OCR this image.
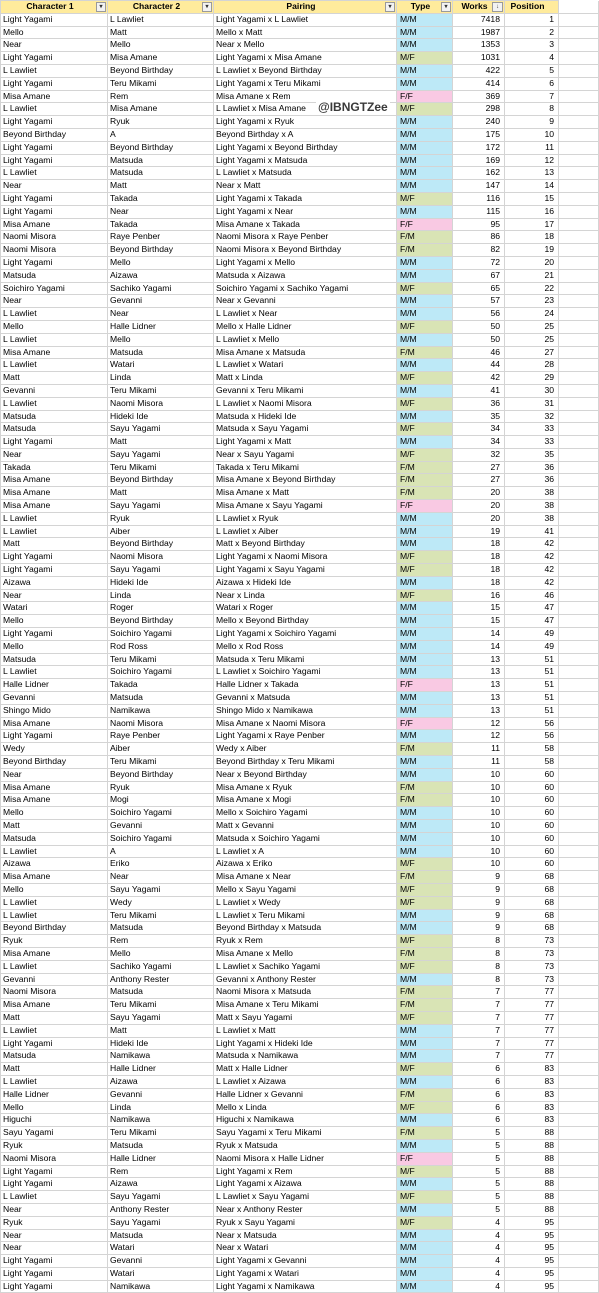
Character 1 ▾	Character 2 ▾	Pairing ▾	Type ▾	Works ↓	Position	
Light Yagami	L Lawliet	Light Yagami x L Lawliet	M/M	7418	1	
Mello	Matt	Mello x Matt	M/M	1987	2	
Near	Mello	Near x Mello	M/M	1353	3	
Light Yagami	Misa Amane	Light Yagami x Misa Amane	M/F	1031	4	
L Lawliet	Beyond Birthday	L Lawliet x Beyond Birthday	M/M	422	5	
Light Yagami	Teru Mikami	Light Yagami x Teru Mikami	M/M	414	6	
Misa Amane	Rem	Misa Amane x Rem	F/F	369	7	
L Lawliet	Misa Amane	L Lawliet x Misa Amane	M/F	298	8	
Light Yagami	Ryuk	Light Yagami x Ryuk	M/M	240	9	
Beyond Birthday	A	Beyond Birthday x A	M/M	175	10	
Light Yagami	Beyond Birthday	Light Yagami x Beyond Birthday	M/M	172	11	
Light Yagami	Matsuda	Light Yagami x Matsuda	M/M	169	12	
L Lawliet	Matsuda	L Lawliet x Matsuda	M/M	162	13	
Near	Matt	Near x Matt	M/M	147	14	
Light Yagami	Takada	Light Yagami x Takada	M/F	116	15	
Light Yagami	Near	Light Yagami x Near	M/M	115	16	
Misa Amane	Takada	Misa Amane x Takada	F/F	95	17	
Naomi Misora	Raye Penber	Naomi Misora x Raye Penber	F/M	86	18	
Naomi Misora	Beyond Birthday	Naomi Misora x Beyond Birthday	F/M	82	19	
Light Yagami	Mello	Light Yagami x Mello	M/M	72	20	
Matsuda	Aizawa	Matsuda x Aizawa	M/M	67	21	
Soichiro Yagami	Sachiko Yagami	Soichiro Yagami x Sachiko Yagami	M/F	65	22	
Near	Gevanni	Near x Gevanni	M/M	57	23	
L Lawliet	Near	L Lawliet x Near	M/M	56	24	
Mello	Halle Lidner	Mello x Halle Lidner	M/F	50	25	
L Lawliet	Mello	L Lawliet x Mello	M/M	50	25	
Misa Amane	Matsuda	Misa Amane x Matsuda	F/M	46	27	
L Lawliet	Watari	L Lawliet x Watari	M/M	44	28	
Matt	Linda	Matt x Linda	M/F	42	29	
Gevanni	Teru Mikami	Gevanni x Teru Mikami	M/M	41	30	
L Lawliet	Naomi Misora	L Lawliet x Naomi Misora	M/F	36	31	
Matsuda	Hideki Ide	Matsuda x Hideki Ide	M/M	35	32	
Matsuda	Sayu Yagami	Matsuda x Sayu Yagami	M/F	34	33	
Light Yagami	Matt	Light Yagami x Matt	M/M	34	33	
Near	Sayu Yagami	Near x Sayu Yagami	M/F	32	35	
Takada	Teru Mikami	Takada x Teru Mikami	F/M	27	36	
Misa Amane	Beyond Birthday	Misa Amane x Beyond Birthday	F/M	27	36	
Misa Amane	Matt	Misa Amane x Matt	F/M	20	38	
Misa Amane	Sayu Yagami	Misa Amane x Sayu Yagami	F/F	20	38	
L Lawliet	Ryuk	L Lawliet x Ryuk	M/M	20	38	
L Lawliet	Aiber	L Lawliet x Aiber	M/M	19	41	
Matt	Beyond Birthday	Matt x Beyond Birthday	M/M	18	42	
Light Yagami	Naomi Misora	Light Yagami x Naomi Misora	M/F	18	42	
Light Yagami	Sayu Yagami	Light Yagami x Sayu Yagami	M/F	18	42	
Aizawa	Hideki Ide	Aizawa x Hideki Ide	M/M	18	42	
Near	Linda	Near x Linda	M/F	16	46	
Watari	Roger	Watari x Roger	M/M	15	47	
Mello	Beyond Birthday	Mello x Beyond Birthday	M/M	15	47	
Light Yagami	Soichiro Yagami	Light Yagami x Soichiro Yagami	M/M	14	49	
Mello	Rod Ross	Mello x Rod Ross	M/M	14	49	
Matsuda	Teru Mikami	Matsuda x Teru Mikami	M/M	13	51	
L Lawliet	Soichiro Yagami	L Lawliet x Soichiro Yagami	M/M	13	51	
Halle Lidner	Takada	Halle Lidner x Takada	F/F	13	51	
Gevanni	Matsuda	Gevanni x Matsuda	M/M	13	51	
Shingo Mido	Namikawa	Shingo Mido x Namikawa	M/M	13	51	
Misa Amane	Naomi Misora	Misa Amane x Naomi Misora	F/F	12	56	
Light Yagami	Raye Penber	Light Yagami x Raye Penber	M/M	12	56	
Wedy	Aiber	Wedy x Aiber	F/M	11	58	
Beyond Birthday	Teru Mikami	Beyond Birthday x Teru Mikami	M/M	11	58	
Near	Beyond Birthday	Near x Beyond Birthday	M/M	10	60	
Misa Amane	Ryuk	Misa Amane x Ryuk	F/M	10	60	
Misa Amane	Mogi	Misa Amane x Mogi	F/M	10	60	
Mello	Soichiro Yagami	Mello x Soichiro Yagami	M/M	10	60	
Matt	Gevanni	Matt x Gevanni	M/M	10	60	
Matsuda	Soichiro Yagami	Matsuda x Soichiro Yagami	M/M	10	60	
L Lawliet	A	L Lawliet x A	M/M	10	60	
Aizawa	Eriko	Aizawa x Eriko	M/F	10	60	
Misa Amane	Near	Misa Amane x Near	F/M	9	68	
Mello	Sayu Yagami	Mello x Sayu Yagami	M/F	9	68	
L Lawliet	Wedy	L Lawliet x Wedy	M/F	9	68	
L Lawliet	Teru Mikami	L Lawliet x Teru Mikami	M/M	9	68	
Beyond Birthday	Matsuda	Beyond Birthday x Matsuda	M/M	9	68	
Ryuk	Rem	Ryuk x Rem	M/F	8	73	
Misa Amane	Mello	Misa Amane x Mello	F/M	8	73	
L Lawliet	Sachiko Yagami	L Lawliet x Sachiko Yagami	M/F	8	73	
Gevanni	Anthony Rester	Gevanni x Anthony Rester	M/M	8	73	
Naomi Misora	Matsuda	Naomi Misora x Matsuda	F/M	7	77	
Misa Amane	Teru Mikami	Misa Amane x Teru Mikami	F/M	7	77	
Matt	Sayu Yagami	Matt x Sayu Yagami	M/F	7	77	
L Lawliet	Matt	L Lawliet x Matt	M/M	7	77	
Light Yagami	Hideki Ide	Light Yagami x Hideki Ide	M/M	7	77	
Matsuda	Namikawa	Matsuda x Namikawa	M/M	7	77	
Matt	Halle Lidner	Matt x Halle Lidner	M/F	6	83	
L Lawliet	Aizawa	L Lawliet x Aizawa	M/M	6	83	
Halle Lidner	Gevanni	Halle Lidner x Gevanni	F/M	6	83	
Mello	Linda	Mello x Linda	M/F	6	83	
Higuchi	Namikawa	Higuchi x Namikawa	M/M	6	83	
Sayu Yagami	Teru Mikami	Sayu Yagami x Teru Mikami	F/M	5	88	
Ryuk	Matsuda	Ryuk x Matsuda	M/M	5	88	
Naomi Misora	Halle Lidner	Naomi Misora x Halle Lidner	F/F	5	88	
Light Yagami	Rem	Light Yagami x Rem	M/F	5	88	
Light Yagami	Aizawa	Light Yagami x Aizawa	M/M	5	88	
L Lawliet	Sayu Yagami	L Lawliet x Sayu Yagami	M/F	5	88	
Near	Anthony Rester	Near x Anthony Rester	M/M	5	88	
Ryuk	Sayu Yagami	Ryuk x Sayu Yagami	M/F	4	95	
Near	Matsuda	Near x Matsuda	M/M	4	95	
Near	Watari	Near x Watari	M/M	4	95	
Light Yagami	Gevanni	Light Yagami x Gevanni	M/M	4	95	
Light Yagami	Watari	Light Yagami x Watari	M/M	4	95	
Light Yagami	Namikawa	Light Yagami x Namikawa	M/M	4	95	
@IBNGTZee
